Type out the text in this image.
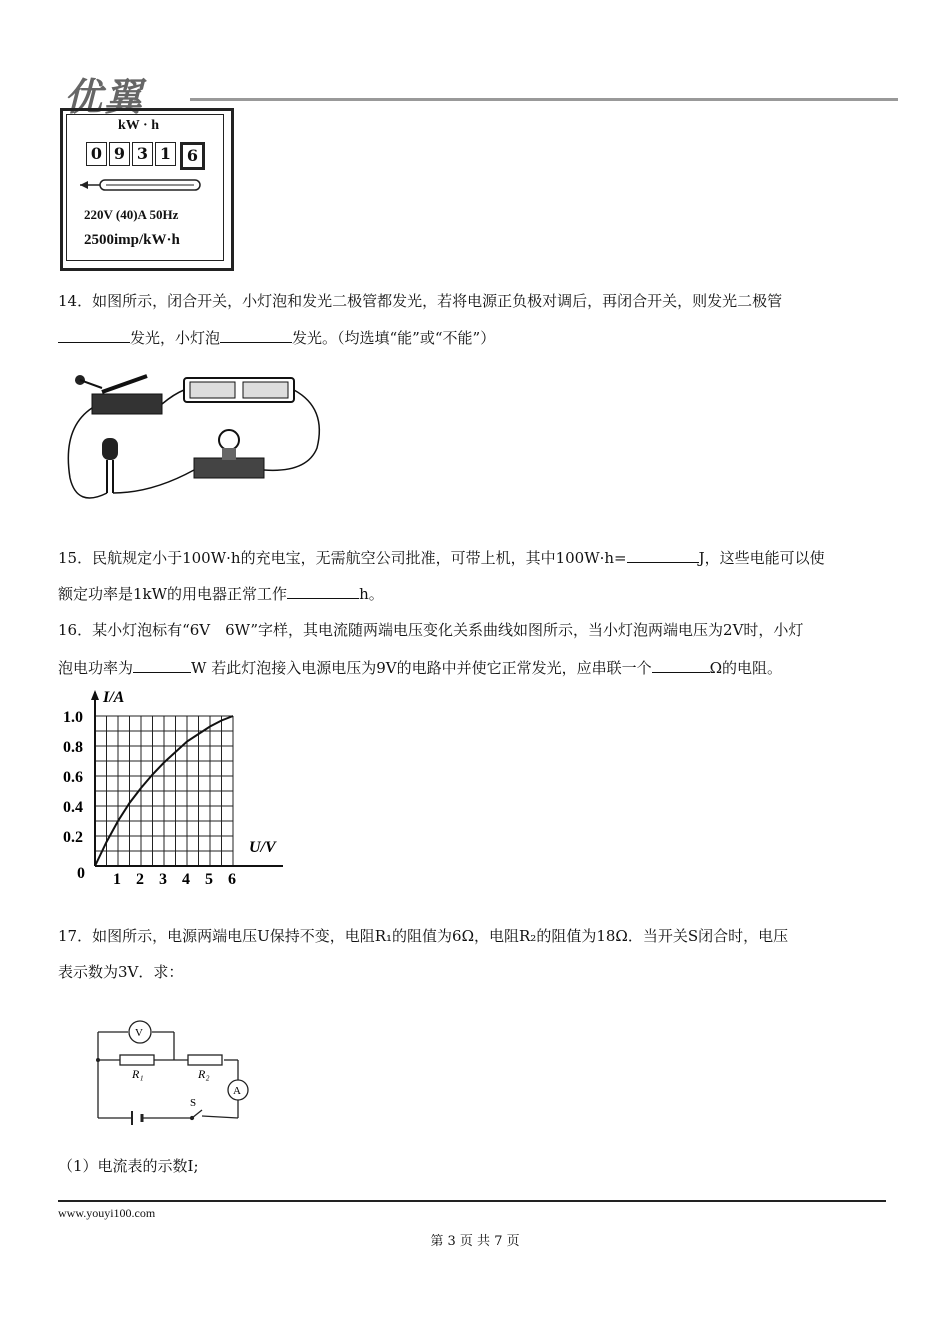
优翼
kW · h
0 9 3 1 6
220V (40)A 50Hz
2500imp/kW·h
14．如图所示，闭合开关，小灯泡和发光二极管都发光，若将电源正负极对调后，再闭合开关，则发光二极管
发光，小灯泡	发光。（均选填“能”或“不能”）
15．民航规定小于100W·h的充电宝，无需航空公司批准，可带上机，其中100W·h=	J，这些电能可以使
额定功率是1kW的用电器正常工作	h。
16．某小灯泡标有“6V　6W”字样，其电流随两端电压变化关系曲线如图所示，当小灯泡两端电压为2V时，小灯
泡电功率为	W 若此灯泡接入电源电压为9V的电路中并使它正常发光，应串联一个	Ω的电阻。
1 2 3 4 5 6
0.2
0.4
0.6
0.8
1.0
0
I/A
U/V
17．如图所示，电源两端电压U保持不变，电阻R₁的阻值为6Ω，电阻R₂的阻值为18Ω．当开关S闭合时，电压
表示数为3V．求：
V
A
R₁	R₂
S
（1）电流表的示数I;
www.youyi100.com
第 3 页 共 7 页
